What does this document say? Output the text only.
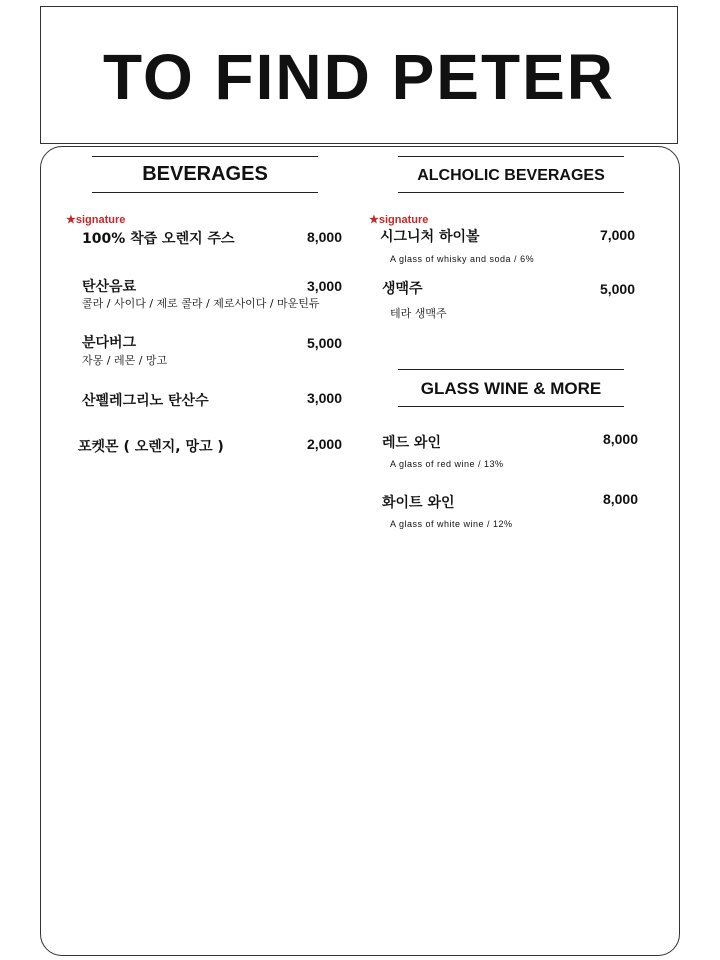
TO FIND PETER
BEVERAGES
★signature
100% 착즙 오렌지 주스	8,000
탄산음료	3,000
콜라 / 사이다 / 제로 콜라 / 제로사이다 / 마운틴듀
분다버그	5,000
자몽 / 레몬 / 망고
산펠레그리노 탄산수	3,000
포켓몬 ( 오렌지, 망고 )	2,000
ALCHOLIC BEVERAGES
★signature
시그니처 하이볼	7,000
A glass of whisky and soda / 6%
생맥주	5,000
테라 생맥주
GLASS WINE & MORE
레드 와인	8,000
A glass of red wine / 13%
화이트 와인	8,000
A glass of white wine / 12%
